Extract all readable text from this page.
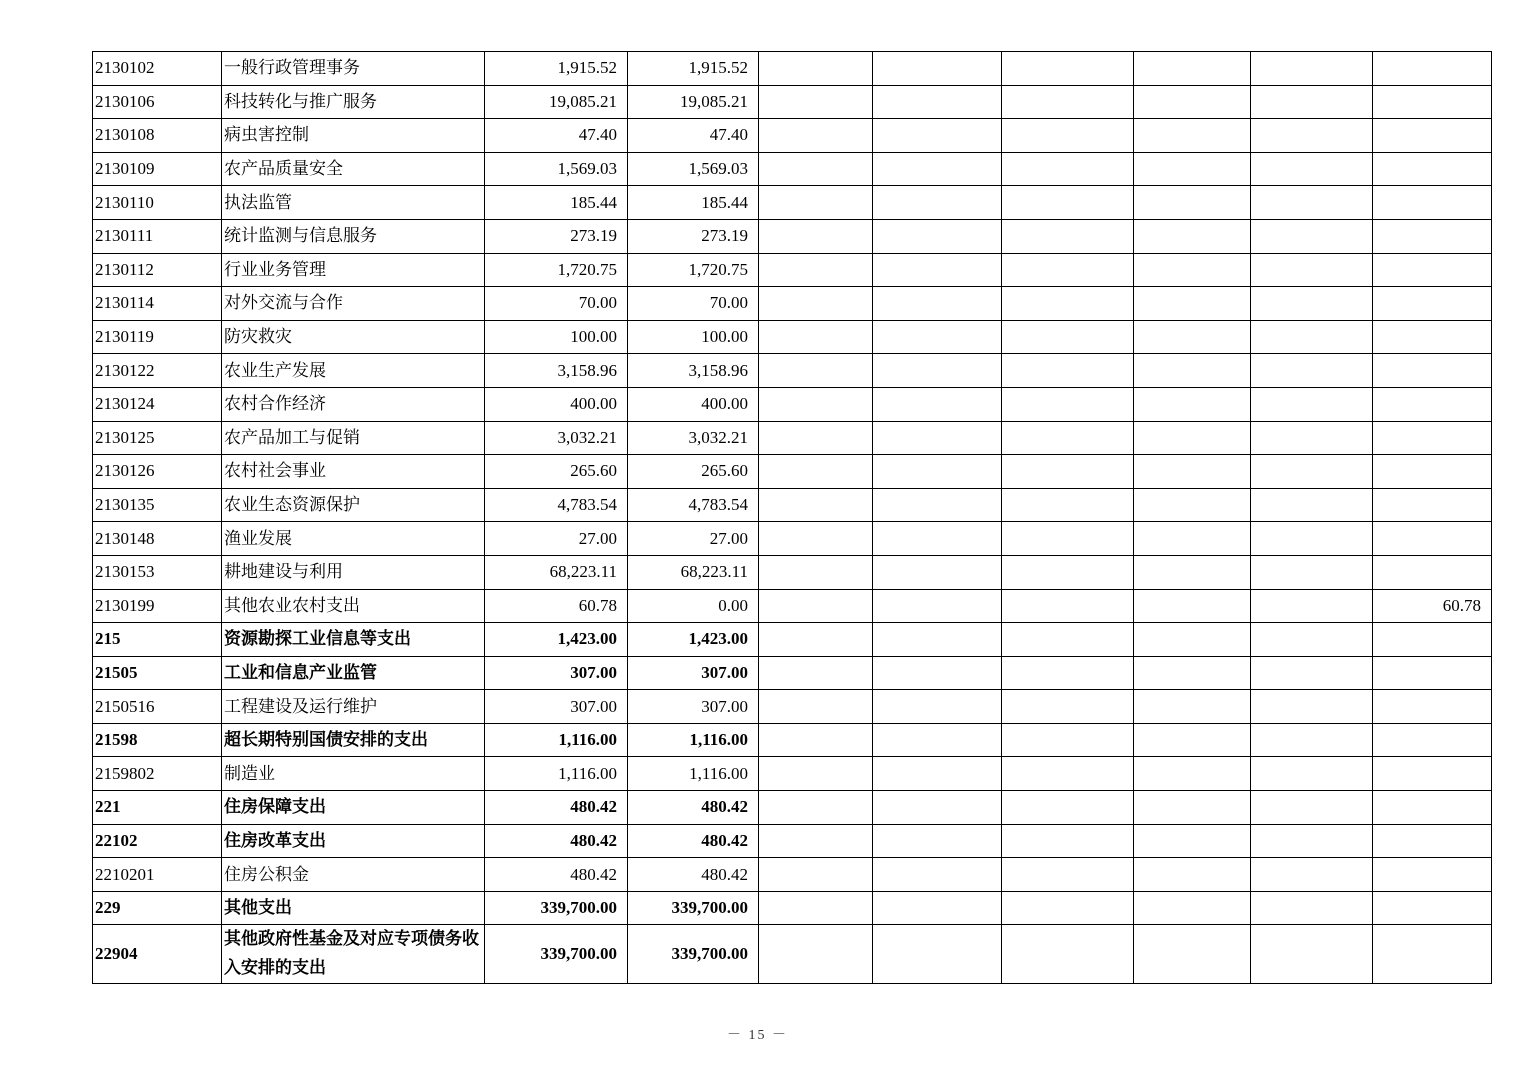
2130102	一般行政管理事务	1,915.52	1,915.52						
2130106	科技转化与推广服务	19,085.21	19,085.21						
2130108	病虫害控制	47.40	47.40						
2130109	农产品质量安全	1,569.03	1,569.03						
2130110	执法监管	185.44	185.44						
2130111	统计监测与信息服务	273.19	273.19						
2130112	行业业务管理	1,720.75	1,720.75						
2130114	对外交流与合作	70.00	70.00						
2130119	防灾救灾	100.00	100.00						
2130122	农业生产发展	3,158.96	3,158.96						
2130124	农村合作经济	400.00	400.00						
2130125	农产品加工与促销	3,032.21	3,032.21						
2130126	农村社会事业	265.60	265.60						
2130135	农业生态资源保护	4,783.54	4,783.54						
2130148	渔业发展	27.00	27.00						
2130153	耕地建设与利用	68,223.11	68,223.11						
2130199	其他农业农村支出	60.78	0.00						60.78
215	资源勘探工业信息等支出	1,423.00	1,423.00						
21505	工业和信息产业监管	307.00	307.00						
2150516	工程建设及运行维护	307.00	307.00						
21598	超长期特别国债安排的支出	1,116.00	1,116.00						
2159802	制造业	1,116.00	1,116.00						
221	住房保障支出	480.42	480.42						
22102	住房改革支出	480.42	480.42						
2210201	住房公积金	480.42	480.42						
229	其他支出	339,700.00	339,700.00						
22904	其他政府性基金及对应专项债务收入安排的支出	339,700.00	339,700.00						
－ 15 －
